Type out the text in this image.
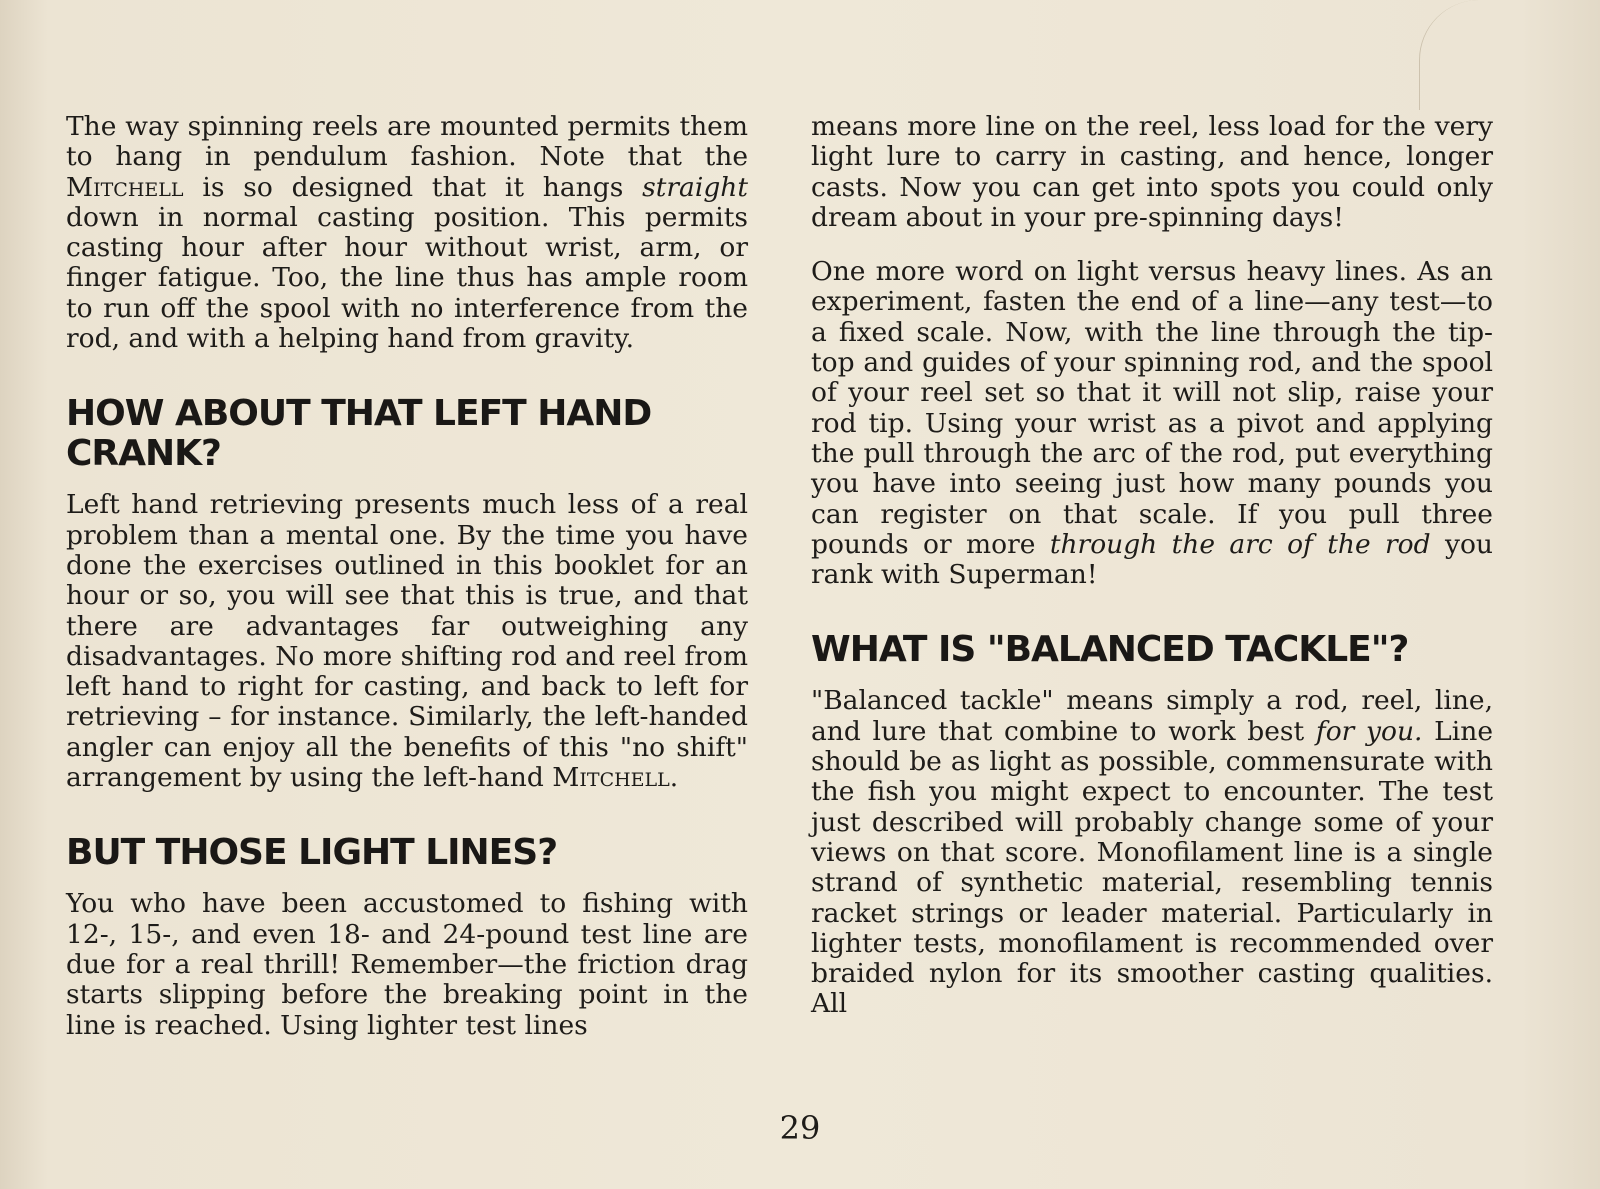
The way spinning reels are mounted permits them to hang in pendulum fashion. Note that the Mitchell is so designed that it hangs straight down in normal casting position. This permits casting hour after hour without wrist, arm, or finger fatigue. Too, the line thus has ample room to run off the spool with no interference from the rod, and with a helping hand from gravity.

HOW ABOUT THAT LEFT HAND CRANK?

Left hand retrieving presents much less of a real problem than a mental one. By the time you have done the exercises outlined in this booklet for an hour or so, you will see that this is true, and that there are advantages far outweighing any disadvantages. No more shifting rod and reel from left hand to right for casting, and back to left for retrieving – for instance. Similarly, the left-handed angler can enjoy all the benefits of this "no shift" arrangement by using the left-hand Mitchell.

BUT THOSE LIGHT LINES?

You who have been accustomed to fishing with 12-, 15-, and even 18- and 24-pound test line are due for a real thrill! Remember—the friction drag starts slipping before the breaking point in the line is reached. Using lighter test lines

means more line on the reel, less load for the very light lure to carry in casting, and hence, longer casts. Now you can get into spots you could only dream about in your pre-spinning days!

One more word on light versus heavy lines. As an experiment, fasten the end of a line—any test—to a fixed scale. Now, with the line through the tip-top and guides of your spinning rod, and the spool of your reel set so that it will not slip, raise your rod tip. Using your wrist as a pivot and applying the pull through the arc of the rod, put everything you have into seeing just how many pounds you can register on that scale. If you pull three pounds or more through the arc of the rod you rank with Superman!

WHAT IS "BALANCED TACKLE"?

"Balanced tackle" means simply a rod, reel, line, and lure that combine to work best for you. Line should be as light as possible, commensurate with the fish you might expect to encounter. The test just described will probably change some of your views on that score. Monofilament line is a single strand of synthetic material, resembling tennis racket strings or leader material. Particularly in lighter tests, monofilament is recommended over braided nylon for its smoother casting qualities. All

29
